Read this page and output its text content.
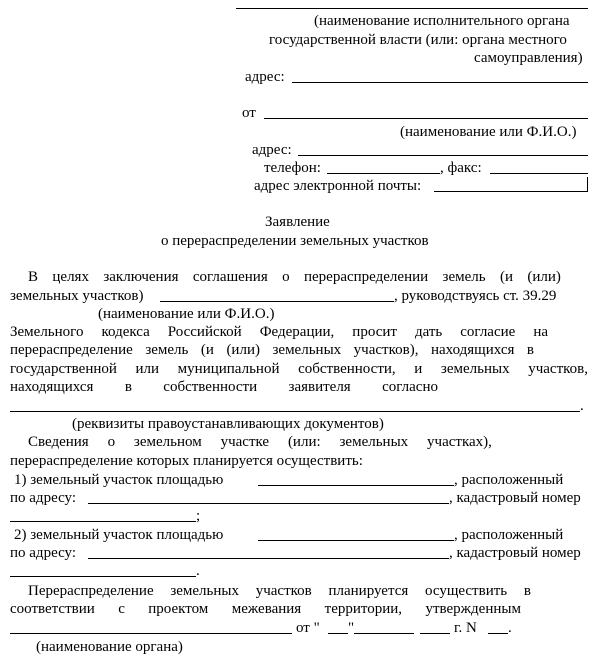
(наименование исполнительного органа
государственной власти (или: органа местного
самоуправления)
адрес:
от
(наименование или Ф.И.О.)
адрес:
телефон:	, факс:
адрес электронной почты:
Заявление
о перераспределении земельных участков
В целях заключения соглашения о перераспределении земель (и (или)
земельных участков)	, руководствуясь ст. 39.29
(наименование или Ф.И.О.)
Земельного кодекса Российской Федерации, просит дать согласие на
перераспределение земель (и (или) земельных участков), находящихся в
государственной или муниципальной собственности, и земельных участков,
находящихся в собственности заявителя согласно
.
(реквизиты правоустанавливающих документов)
Сведения о земельном участке (или: земельных участках),
перераспределение которых планируется осуществить:
1) земельный участок площадью	, расположенный
по адресу:	, кадастровый номер
;
2) земельный участок площадью	, расположенный
по адресу:	, кадастровый номер
.
Перераспределение земельных участков планируется осуществить в
соответствии с проектом межевания территории, утвержденным
от " "	г. N .
(наименование органа)
